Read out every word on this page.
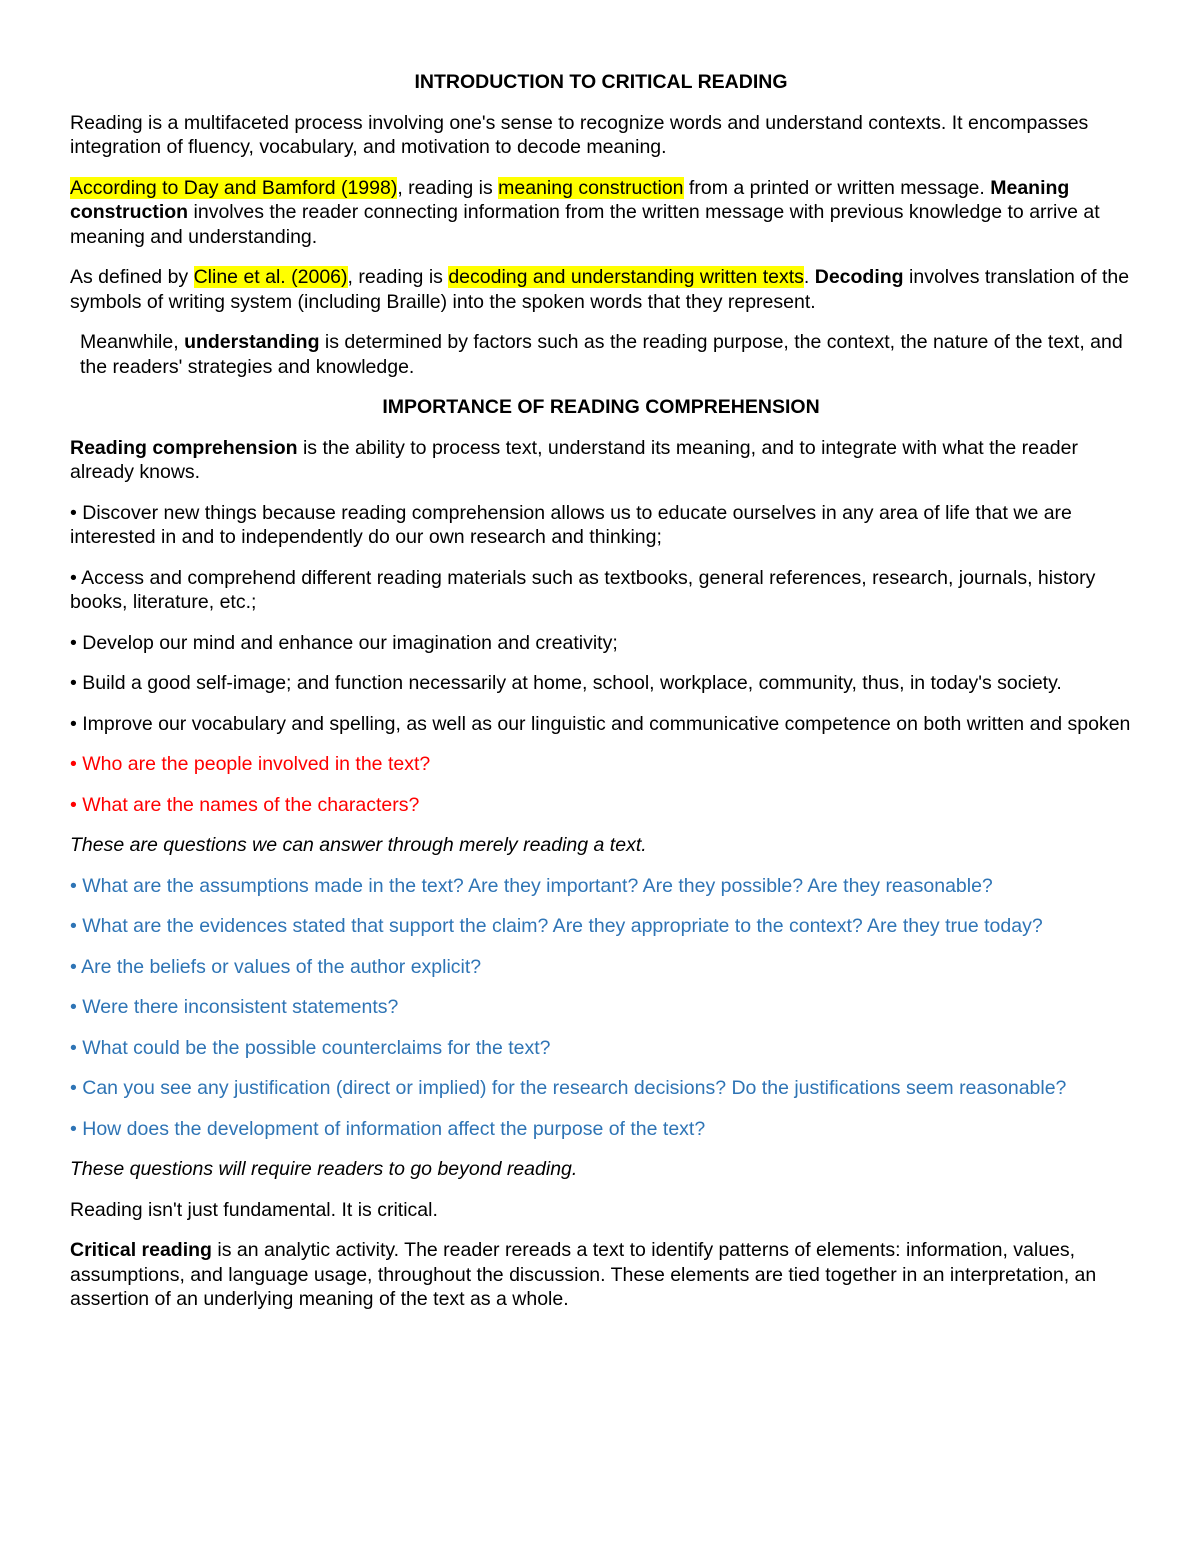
INTRODUCTION TO CRITICAL READING

Reading is a multifaceted process involving one's sense to recognize words and understand contexts. It encompasses integration of fluency, vocabulary, and motivation to decode meaning.

According to Day and Bamford (1998), reading is meaning construction from a printed or written message. Meaning construction involves the reader connecting information from the written message with previous knowledge to arrive at meaning and understanding.

As defined by Cline et al. (2006), reading is decoding and understanding written texts. Decoding involves translation of the symbols of writing system (including Braille) into the spoken words that they represent.

Meanwhile, understanding is determined by factors such as the reading purpose, the context, the nature of the text, and the readers' strategies and knowledge.

IMPORTANCE OF READING COMPREHENSION

Reading comprehension is the ability to process text, understand its meaning, and to integrate with what the reader already knows.

• Discover new things because reading comprehension allows us to educate ourselves in any area of life that we are interested in and to independently do our own research and thinking;

• Access and comprehend different reading materials such as textbooks, general references, research, journals, history books, literature, etc.;

• Develop our mind and enhance our imagination and creativity;

• Build a good self-image; and function necessarily at home, school, workplace, community, thus, in today's society.

• Improve our vocabulary and spelling, as well as our linguistic and communicative competence on both written and spoken

• Who are the people involved in the text?

• What are the names of the characters?

These are questions we can answer through merely reading a text.

• What are the assumptions made in the text? Are they important? Are they possible? Are they reasonable?

• What are the evidences stated that support the claim? Are they appropriate to the context? Are they true today?

• Are the beliefs or values of the author explicit?

• Were there inconsistent statements?

• What could be the possible counterclaims for the text?

• Can you see any justification (direct or implied) for the research decisions? Do the justifications seem reasonable?

• How does the development of information affect the purpose of the text?

These questions will require readers to go beyond reading.

Reading isn't just fundamental. It is critical.

Critical reading is an analytic activity. The reader rereads a text to identify patterns of elements: information, values, assumptions, and language usage, throughout the discussion. These elements are tied together in an interpretation, an assertion of an underlying meaning of the text as a whole.
